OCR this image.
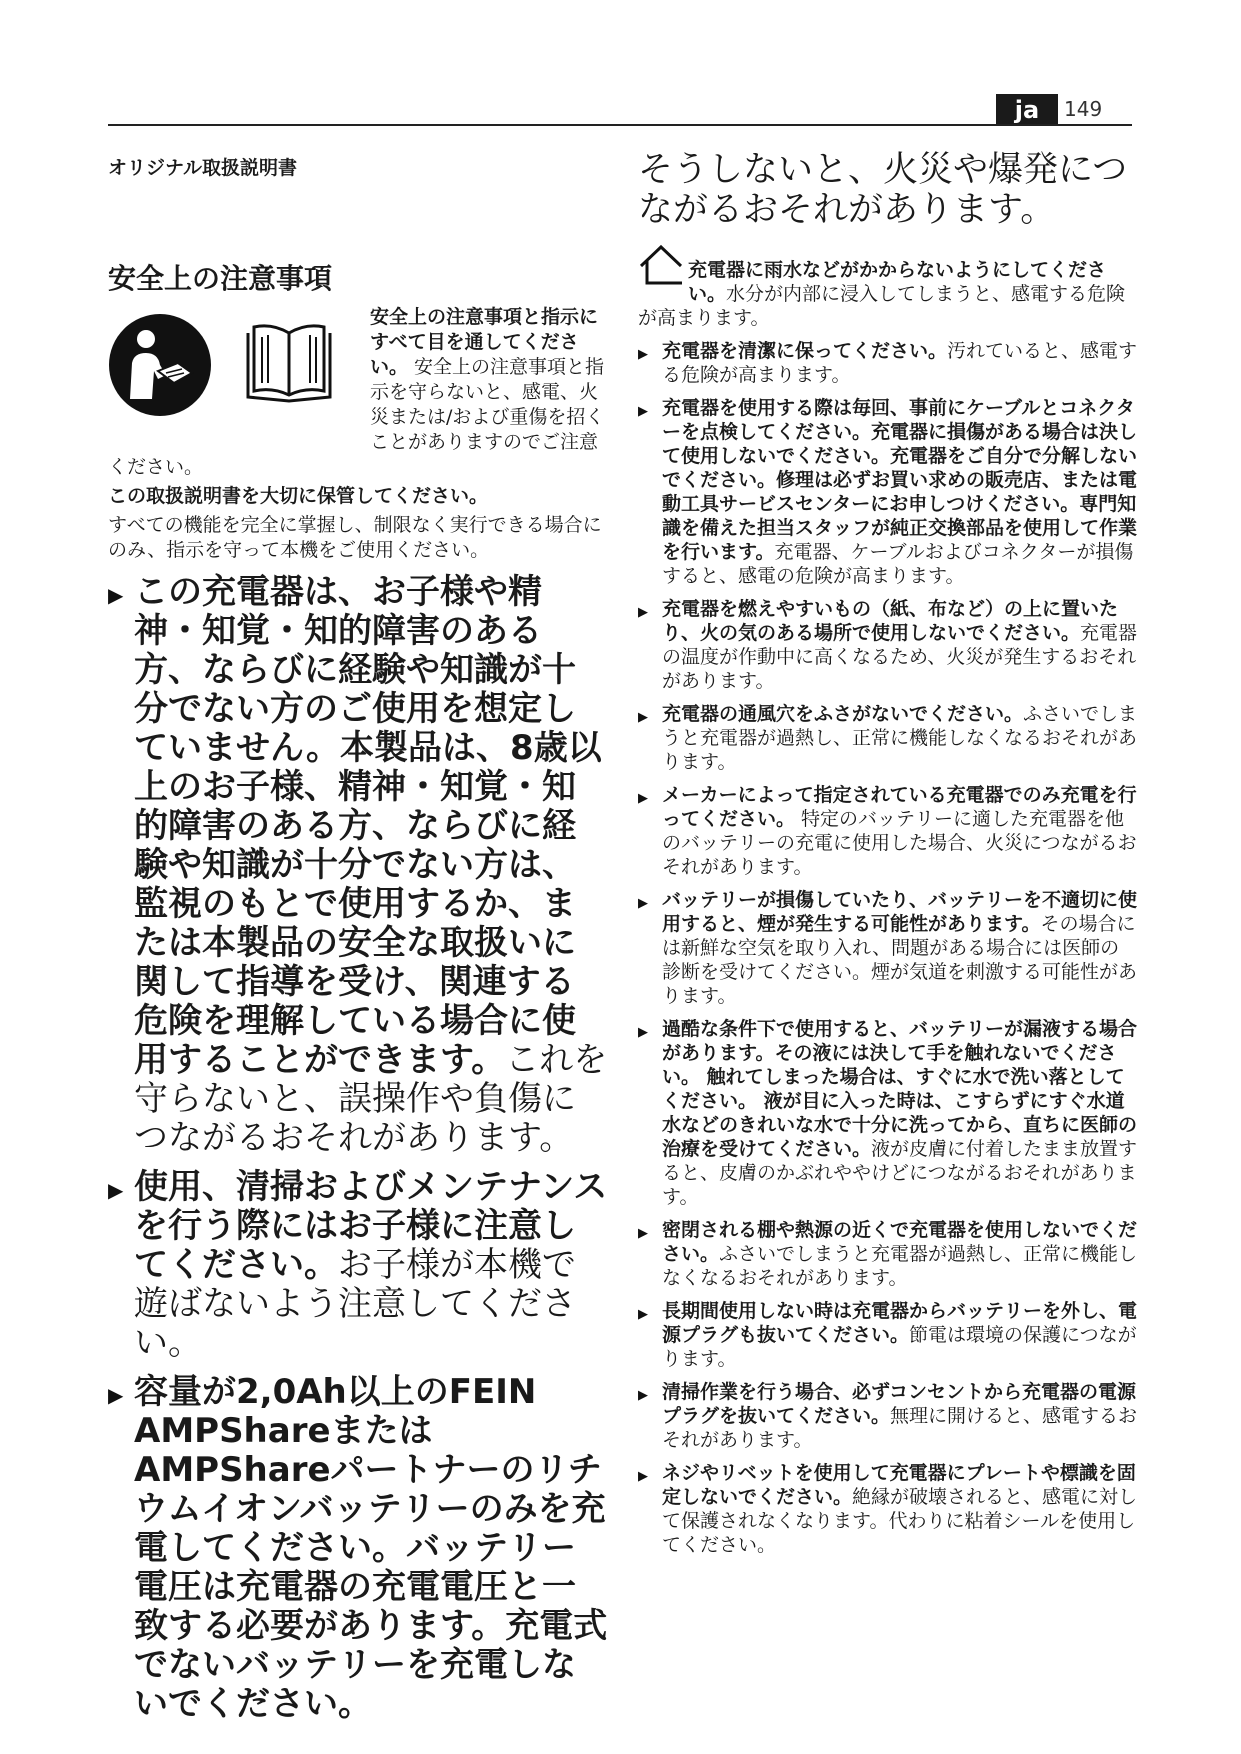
ja	149
オリジナル取扱説明書
安全上の注意事項
安全上の注意事項と指示にすべて目を通してください。 安全上の注意事項と指示を守らないと、感電、火災または/および重傷を招くことがありますのでご注意ください。
この取扱説明書を大切に保管してください。
すべての機能を完全に掌握し、制限なく実行できる場合にのみ、指示を守って本機をご使用ください。
▶ この充電器は、お子様や精神・知覚・知的障害のある方、ならびに経験や知識が十分でない方のご使用を想定していません。本製品は、8歳以上のお子様、精神・知覚・知的障害のある方、ならびに経験や知識が十分でない方は、監視のもとで使用するか、または本製品の安全な取扱いに関して指導を受け、関連する危険を理解している場合に使用することができます。これを守らないと、誤操作や負傷につながるおそれがあります。
▶ 使用、清掃およびメンテナンスを行う際にはお子様に注意してください。お子様が本機で遊ばないよう注意してください。
▶ 容量が2,0Ah以上のFEIN AMPShareまたはAMPShareパートナーのリチウムイオンバッテリーのみを充電してください。バッテリー電圧は充電器の充電電圧と一致する必要があります。充電式でないバッテリーを充電しないでください。
そうしないと、火災や爆発につながるおそれがあります。
充電器に雨水などがかからないようにしてください。水分が内部に浸入してしまうと、感電する危険が高まります。
▶ 充電器を清潔に保ってください。汚れていると、感電する危険が高まります。
▶ 充電器を使用する際は毎回、事前にケーブルとコネクターを点検してください。充電器に損傷がある場合は決して使用しないでください。充電器をご自分で分解しないでください。修理は必ずお買い求めの販売店、または電動工具サービスセンターにお申しつけください。専門知識を備えた担当スタッフが純正交換部品を使用して作業を行います。充電器、ケーブルおよびコネクターが損傷すると、感電の危険が高まります。
▶ 充電器を燃えやすいもの（紙、布など）の上に置いたり、火の気のある場所で使用しないでください。充電器の温度が作動中に高くなるため、火災が発生するおそれがあります。
▶ 充電器の通風穴をふさがないでください。ふさいでしまうと充電器が過熱し、正常に機能しなくなるおそれがあります。
▶ メーカーによって指定されている充電器でのみ充電を行ってください。 特定のバッテリーに適した充電器を他のバッテリーの充電に使用した場合、火災につながるおそれがあります。
▶ バッテリーが損傷していたり、バッテリーを不適切に使用すると、煙が発生する可能性があります。その場合には新鮮な空気を取り入れ、問題がある場合には医師の診断を受けてください。煙が気道を刺激する可能性があります。
▶ 過酷な条件下で使用すると、バッテリーが漏液する場合があります。その液には決して手を触れないでください。 触れてしまった場合は、すぐに水で洗い落としてください。 液が目に入った時は、こすらずにすぐ水道水などのきれいな水で十分に洗ってから、直ちに医師の治療を受けてください。液が皮膚に付着したまま放置すると、皮膚のかぶれややけどにつながるおそれがあります。
▶ 密閉される棚や熱源の近くで充電器を使用しないでください。ふさいでしまうと充電器が過熱し、正常に機能しなくなるおそれがあります。
▶ 長期間使用しない時は充電器からバッテリーを外し、電源プラグも抜いてください。節電は環境の保護につながります。
▶ 清掃作業を行う場合、必ずコンセントから充電器の電源プラグを抜いてください。無理に開けると、感電するおそれがあります。
▶ ネジやリベットを使用して充電器にプレートや標識を固定しないでください。絶縁が破壊されると、感電に対して保護されなくなります。代わりに粘着シールを使用してください。
